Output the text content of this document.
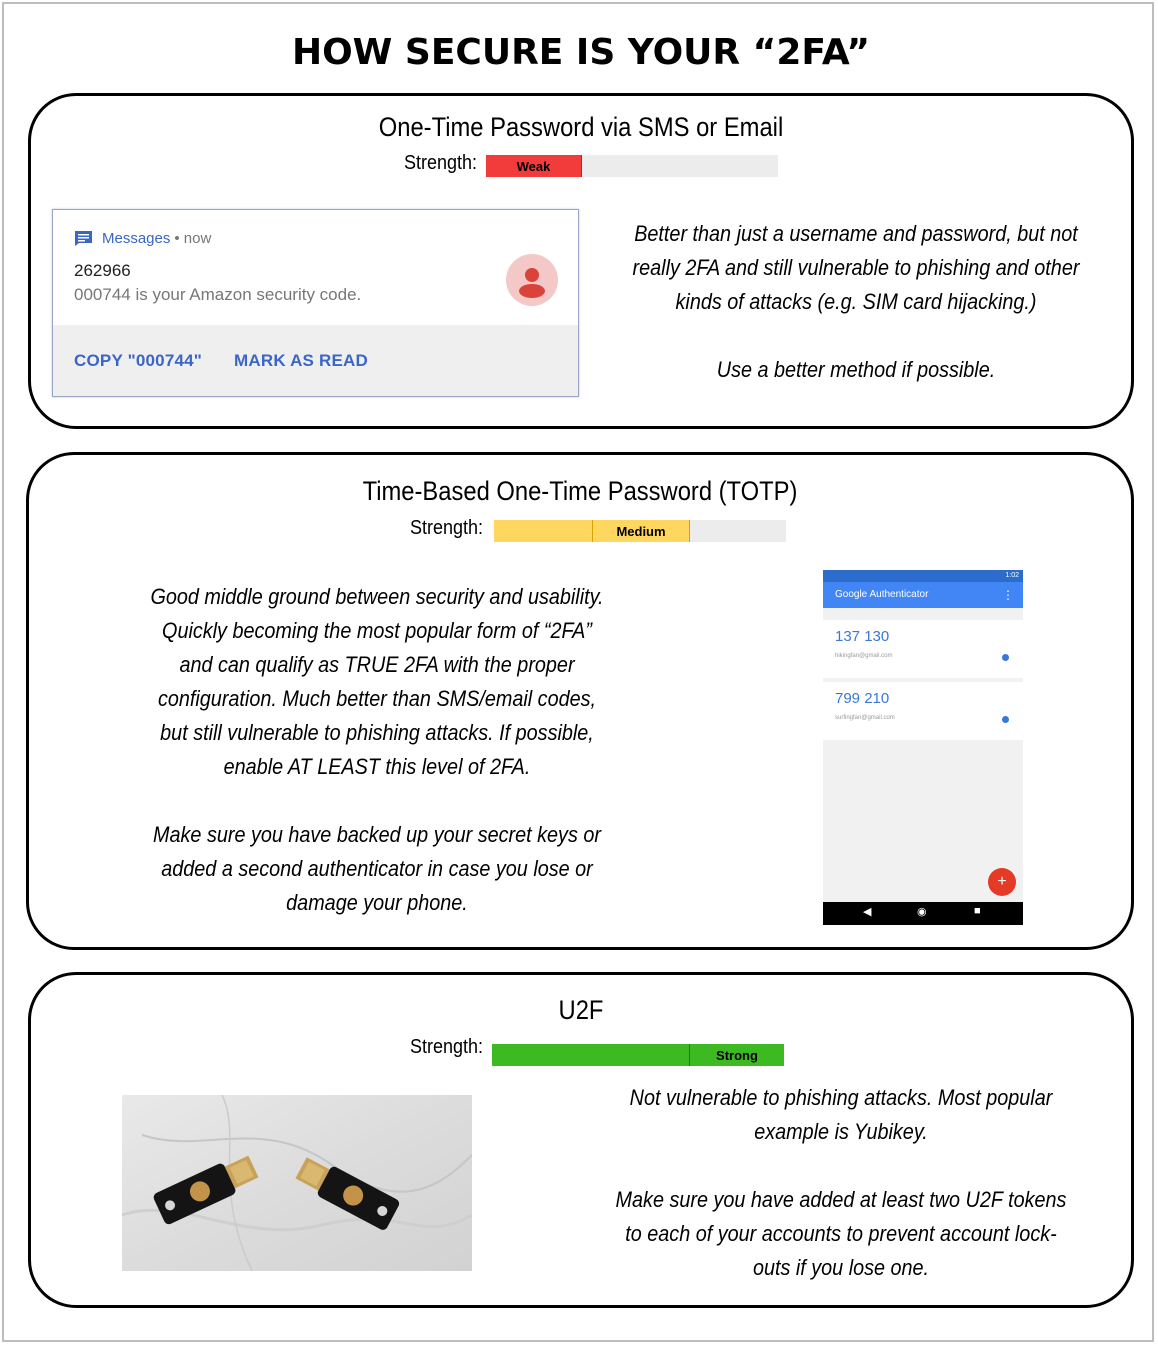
HOW SECURE IS YOUR “2FA”
One-Time Password via SMS or Email
Strength:	Weak
Messages • now
262966
000744 is your Amazon security code.
COPY "000744" MARK AS READ

Better than just a username and password, but not really 2FA and still vulnerable to phishing and other kinds of attacks (e.g. SIM card hijacking.)

Use a better method if possible.

Time-Based One-Time Password (TOTP)
Strength:	Medium

Good middle ground between security and usability. Quickly becoming the most popular form of “2FA” and can qualify as TRUE 2FA with the proper configuration. Much better than SMS/email codes, but still vulnerable to phishing attacks. If possible, enable AT LEAST this level of 2FA.

Make sure you have backed up your secret keys or added a second authenticator in case you lose or damage your phone.

1:02
Google Authenticator	⋮
137 130
hikingfan@gmail.com
799 210
surfingfan@gmail.com
+
◀	◉	■
U2F
Strength:	Strong

Not vulnerable to phishing attacks. Most popular example is Yubikey.

Make sure you have added at least two U2F tokens to each of your accounts to prevent account lock-outs if you lose one.
